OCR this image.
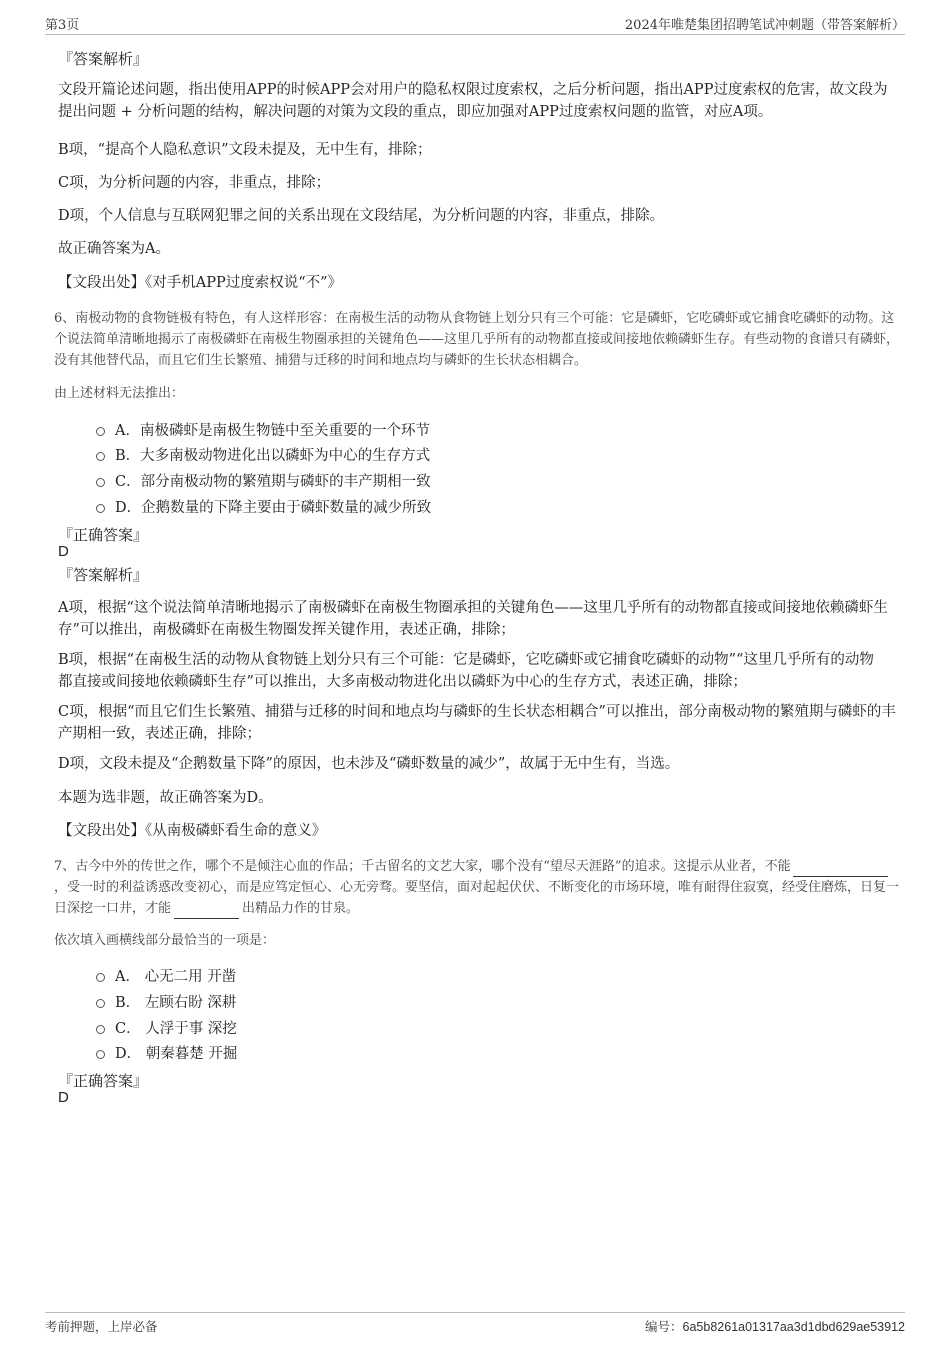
第3页	2024年唯楚集团招聘笔试冲刺题（带答案解析）
『答案解析』
文段开篇论述问题，指出使用APP的时候APP会对用户的隐私权限过度索权，之后分析问题，指出APP过度索权的危害，故文段为提出问题 + 分析问题的结构，解决问题的对策为文段的重点，即应加强对APP过度索权问题的监管，对应A项。
B项，“提高个人隐私意识”文段未提及，无中生有，排除；
C项，为分析问题的内容，非重点，排除；
D项，个人信息与互联网犯罪之间的关系出现在文段结尾，为分析问题的内容，非重点，排除。
故正确答案为A。
【文段出处】《对手机APP过度索权说“不”》
6、南极动物的食物链极有特色，有人这样形容：在南极生活的动物从食物链上划分只有三个可能：它是磷虾，它吃磷虾或它捕食吃磷虾的动物。这个说法简单清晰地揭示了南极磷虾在南极生物圈承担的关键角色——这里几乎所有的动物都直接或间接地依赖磷虾生存。有些动物的食谱只有磷虾，没有其他替代品，而且它们生长繁殖、捕猎与迁移的时间和地点均与磷虾的生长状态相耦合。
由上述材料无法推出：
A．南极磷虾是南极生物链中至关重要的一个环节
B．大多南极动物进化出以磷虾为中心的生存方式
C．部分南极动物的繁殖期与磷虾的丰产期相一致
D．企鹅数量的下降主要由于磷虾数量的减少所致
『正确答案』
D
『答案解析』
A项，根据“这个说法简单清晰地揭示了南极磷虾在南极生物圈承担的关键角色——这里几乎所有的动物都直接或间接地依赖磷虾生存”可以推出，南极磷虾在南极生物圈发挥关键作用，表述正确，排除；
B项，根据“在南极生活的动物从食物链上划分只有三个可能：它是磷虾，它吃磷虾或它捕食吃磷虾的动物”“这里几乎所有的动物都直接或间接地依赖磷虾生存”可以推出，大多南极动物进化出以磷虾为中心的生存方式，表述正确，排除；
C项，根据“而且它们生长繁殖、捕猎与迁移的时间和地点均与磷虾的生长状态相耦合”可以推出，部分南极动物的繁殖期与磷虾的丰产期相一致，表述正确，排除；
D项，文段未提及“企鹅数量下降”的原因，也未涉及“磷虾数量的减少”，故属于无中生有，当选。
本题为选非题，故正确答案为D。
【文段出处】《从南极磷虾看生命的意义》
7、古今中外的传世之作，哪个不是倾注心血的作品；千古留名的文艺大家，哪个没有“望尽天涯路”的追求。这提示从业者，不能，受一时的利益诱惑改变初心，而是应笃定恒心、心无旁骛。要坚信，面对起起伏伏、不断变化的市场环境，唯有耐得住寂寞，经受住磨炼，日复一日深挖一口井，才能	出精品力作的甘泉。
依次填入画横线部分最恰当的一项是：
A． 心无二用 开凿
B． 左顾右盼 深耕
C． 人浮于事 深挖
D． 朝秦暮楚 开掘
『正确答案』
D
考前押题，上岸必备	编号：6a5b8261a01317aa3d1dbd629ae53912
